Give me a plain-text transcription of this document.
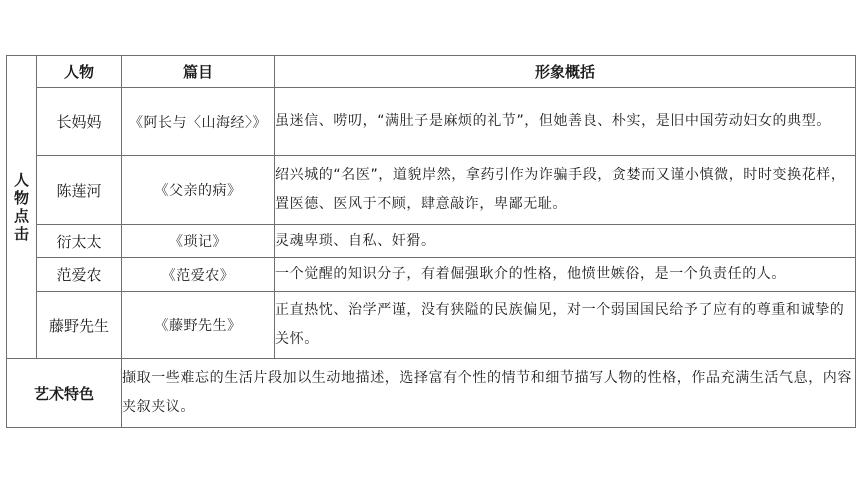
人物点击	人物	篇目	形象概括
	长妈妈	《阿长与〈山海经〉》	虽迷信、唠叨，“满肚子是麻烦的礼节”，但她善良、朴实，是旧中国劳动妇女的典型。
	陈莲河	《父亲的病》	绍兴城的“名医”，道貌岸然，拿药引作为诈骗手段，贪婪而又谨小慎微，时时变换花样，置医德、医风于不顾，肆意敲诈，卑鄙无耻。
	衍太太	《琐记》	灵魂卑琐、自私、奸猾。
	范爱农	《范爱农》	一个觉醒的知识分子，有着倔强耿介的性格，他愤世嫉俗，是一个负责任的人。
	藤野先生	《藤野先生》	正直热忱、治学严谨，没有狭隘的民族偏见，对一个弱国国民给予了应有的尊重和诚挚的关怀。
艺术特色		撷取一些难忘的生活片段加以生动地描述，选择富有个性的情节和细节描写人物的性格，作品充满生活气息，内容夹叙夹议。	
